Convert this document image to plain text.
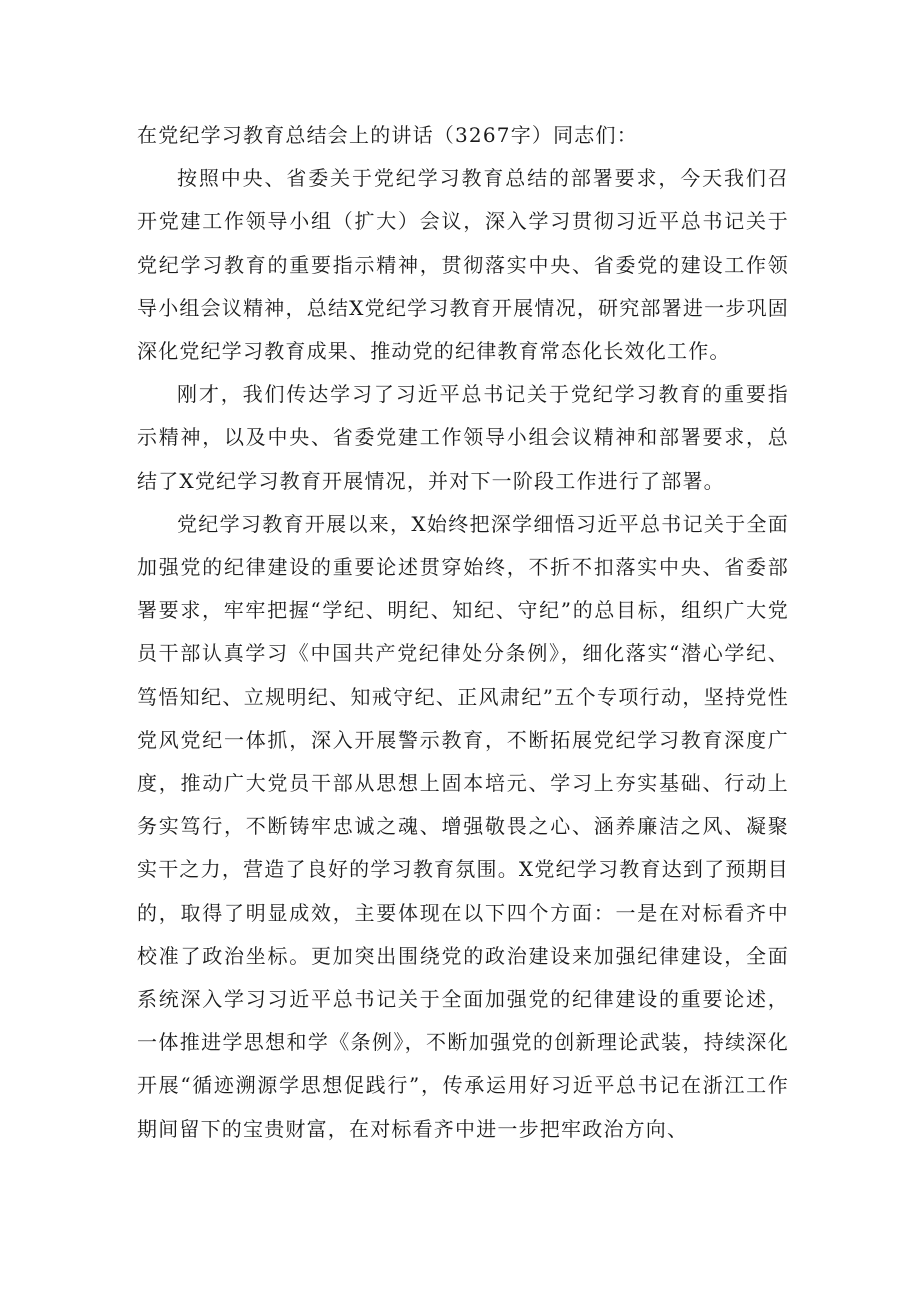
在党纪学习教育总结会上的讲话（3267字）同志们：

按照中央、省委关于党纪学习教育总结的部署要求，今天我们召开党建工作领导小组（扩大）会议，深入学习贯彻习近平总书记关于党纪学习教育的重要指示精神，贯彻落实中央、省委党的建设工作领导小组会议精神，总结X党纪学习教育开展情况，研究部署进一步巩固深化党纪学习教育成果、推动党的纪律教育常态化长效化工作。

刚才，我们传达学习了习近平总书记关于党纪学习教育的重要指示精神，以及中央、省委党建工作领导小组会议精神和部署要求，总结了X党纪学习教育开展情况，并对下一阶段工作进行了部署。

党纪学习教育开展以来，X始终把深学细悟习近平总书记关于全面加强党的纪律建设的重要论述贯穿始终，不折不扣落实中央、省委部署要求，牢牢把握“学纪、明纪、知纪、守纪”的总目标，组织广大党员干部认真学习《中国共产党纪律处分条例》，细化落实“潜心学纪、笃悟知纪、立规明纪、知戒守纪、正风肃纪”五个专项行动，坚持党性党风党纪一体抓，深入开展警示教育，不断拓展党纪学习教育深度广度，推动广大党员干部从思想上固本培元、学习上夯实基础、行动上务实笃行，不断铸牢忠诚之魂、增强敬畏之心、涵养廉洁之风、凝聚实干之力，营造了良好的学习教育氛围。X党纪学习教育达到了预期目的，取得了明显成效，主要体现在以下四个方面：一是在对标看齐中校准了政治坐标。更加突出围绕党的政治建设来加强纪律建设，全面系统深入学习习近平总书记关于全面加强党的纪律建设的重要论述，一体推进学思想和学《条例》，不断加强党的创新理论武装，持续深化开展“循迹溯源学思想促践行”，传承运用好习近平总书记在浙江工作期间留下的宝贵财富，在对标看齐中进一步把牢政治方向、
